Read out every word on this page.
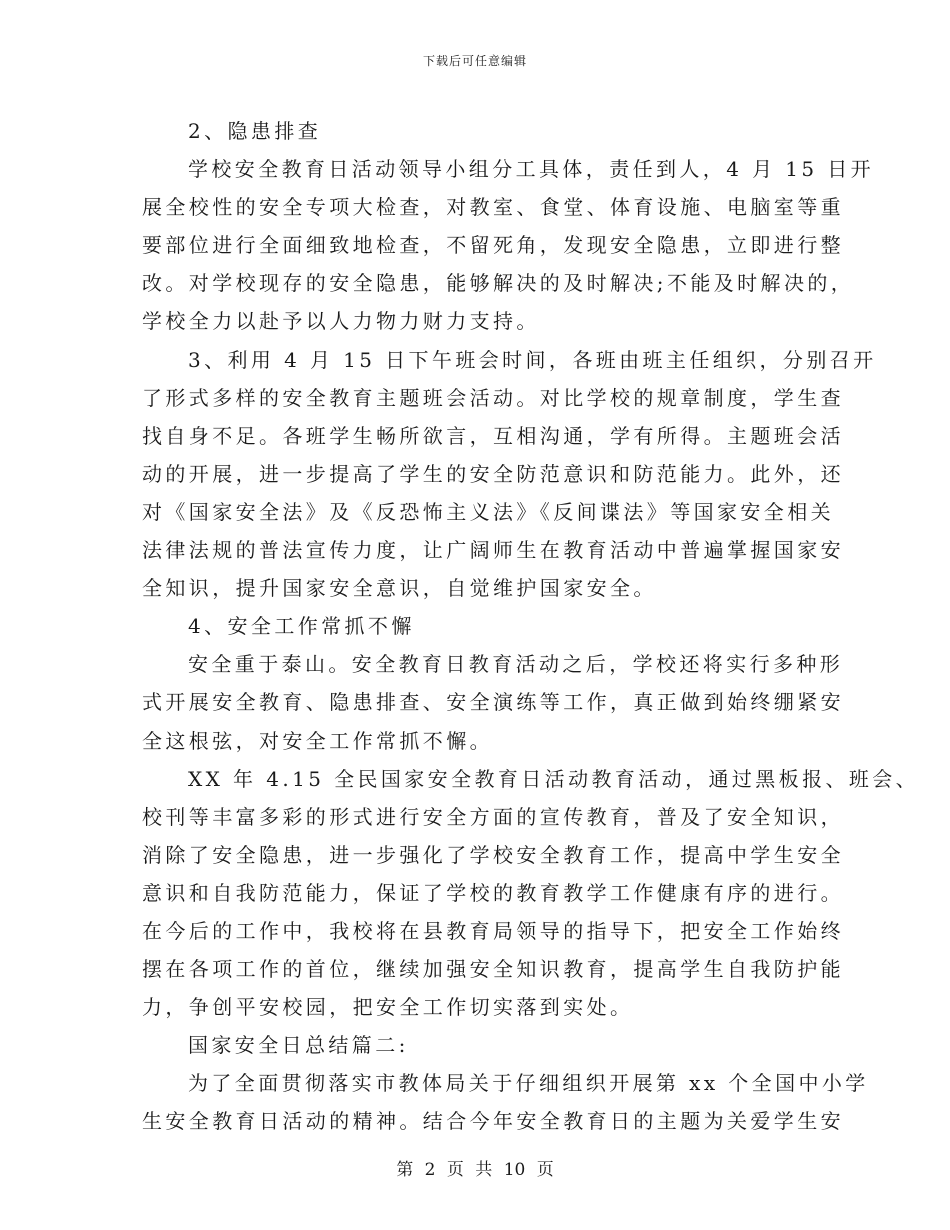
下载后可任意编辑
2、隐患排查
学校安全教育日活动领导小组分工具体，责任到人，4 月 15 日开
展全校性的安全专项大检查，对教室、食堂、体育设施、电脑室等重
要部位进行全面细致地检查，不留死角，发现安全隐患，立即进行整
改。对学校现存的安全隐患，能够解决的及时解决;不能及时解决的，
学校全力以赴予以人力物力财力支持。
3、利用 4 月 15 日下午班会时间，各班由班主任组织，分别召开
了形式多样的安全教育主题班会活动。对比学校的规章制度，学生查
找自身不足。各班学生畅所欲言，互相沟通，学有所得。主题班会活
动的开展，进一步提高了学生的安全防范意识和防范能力。此外，还
对《国家安全法》及《反恐怖主义法》《反间谍法》等国家安全相关
法律法规的普法宣传力度，让广阔师生在教育活动中普遍掌握国家安
全知识，提升国家安全意识，自觉维护国家安全。
4、安全工作常抓不懈
安全重于泰山。安全教育日教育活动之后，学校还将实行多种形
式开展安全教育、隐患排查、安全演练等工作，真正做到始终绷紧安
全这根弦，对安全工作常抓不懈。
XX 年 4.15 全民国家安全教育日活动教育活动，通过黑板报、班会、
校刊等丰富多彩的形式进行安全方面的宣传教育，普及了安全知识，
消除了安全隐患，进一步强化了学校安全教育工作，提高中学生安全
意识和自我防范能力，保证了学校的教育教学工作健康有序的进行。
在今后的工作中，我校将在县教育局领导的指导下，把安全工作始终
摆在各项工作的首位，继续加强安全知识教育，提高学生自我防护能
力，争创平安校园，把安全工作切实落到实处。
国家安全日总结篇二:
为了全面贯彻落实市教体局关于仔细组织开展第 xx 个全国中小学
生安全教育日活动的精神。结合今年安全教育日的主题为关爱学生安
第 2 页 共 10 页
